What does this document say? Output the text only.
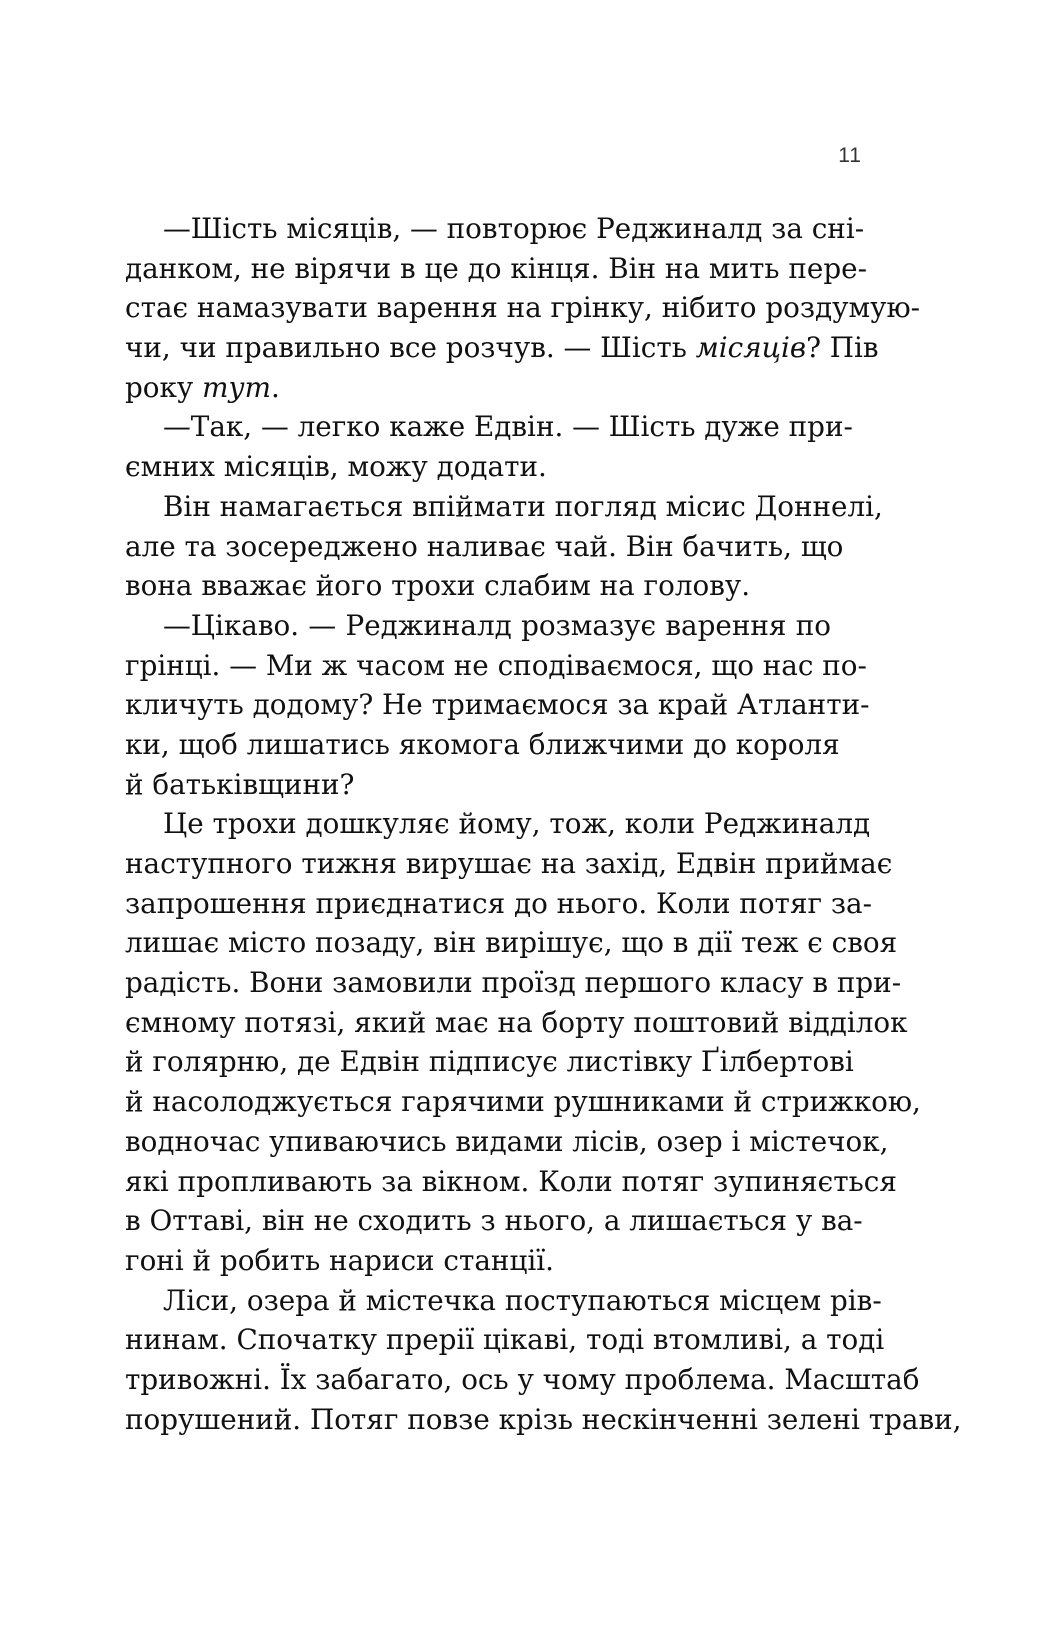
11
—Шість місяців, — повторює Реджиналд за сні-
данком, не вірячи в це до кінця. Він на мить пере-
стає намазувати варення на грінку, нібито роздумую-
чи, чи правильно все розчув. — Шість місяців? Пів
року тут.
—Так, — легко каже Едвін. — Шість дуже при-
ємних місяців, можу додати.
Він намагається впіймати погляд місис Доннелі,
але та зосереджено наливає чай. Він бачить, що
вона вважає його трохи слабим на голову.
—Цікаво. — Реджиналд розмазує варення по
грінці. — Ми ж часом не сподіваємося, що нас по-
кличуть додому? Не тримаємося за край Атланти-
ки, щоб лишатись якомога ближчими до короля
й батьківщини?
Це трохи дошкуляє йому, тож, коли Реджиналд
наступного тижня вирушає на захід, Едвін приймає
запрошення приєднатися до нього. Коли потяг за-
лишає місто позаду, він вирішує, що в дії теж є своя
радість. Вони замовили проїзд першого класу в при-
ємному потязі, який має на борту поштовий відділок
й голярню, де Едвін підписує листівку Ґілбертові
й насолоджується гарячими рушниками й стрижкою,
водночас упиваючись видами лісів, озер і містечок,
які пропливають за вікном. Коли потяг зупиняється
в Оттаві, він не сходить з нього, а лишається у ва-
гоні й робить нариси станції.
Ліси, озера й містечка поступаються місцем рів-
нинам. Спочатку прерії цікаві, тоді втомливі, а тоді
тривожні. Їх забагато, ось у чому проблема. Масштаб
порушений. Потяг повзе крізь нескінченні зелені трави,
